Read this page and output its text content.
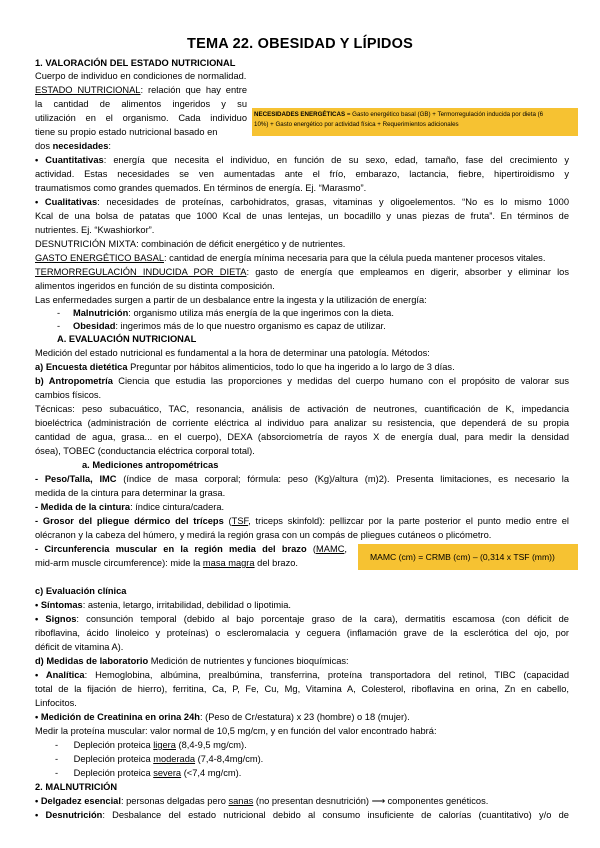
TEMA 22. OBESIDAD Y LÍPIDOS
1. VALORACIÓN DEL ESTADO NUTRICIONAL
Cuerpo de individuo en condiciones de normalidad.
ESTADO NUTRICIONAL: relación que hay entre
la cantidad de alimentos ingeridos y su
utilización en el organismo. Cada individuo
tiene su propio estado nutricional basado en
dos necesidades:
NECESIDADES ENERGÉTICAS = Gasto energético basal (GB) + Termorregulación inducida por dieta (6
10%) + Gasto energético por actividad física + Requerimientos adicionales
• Cuantitativas: energía que necesita el individuo, en función de su sexo, edad, tamaño, fase del crecimiento y
actividad. Estas necesidades se ven aumentadas ante el frío, embarazo, lactancia, fiebre, hipertiroidismo y
traumatismos como grandes quemados. En términos de energía. Ej. “Marasmo”.
• Cualitativas: necesidades de proteínas, carbohidratos, grasas, vitaminas y oligoelementos. “No es lo mismo 1000
Kcal de una bolsa de patatas que 1000 Kcal de unas lentejas, un bocadillo y unas piezas de fruta”. En términos de
nutrientes. Ej. “Kwashiorkor”.
DESNUTRICIÓN MIXTA: combinación de déficit energético y de nutrientes.
GASTO ENERGÉTICO BASAL: cantidad de energía mínima necesaria para que la célula pueda mantener procesos vitales.
TERMORREGULACIÓN INDUCIDA POR DIETA: gasto de energía que empleamos en digerir, absorber y eliminar los
alimentos ingeridos en función de su distinta composición.
Las enfermedades surgen a partir de un desbalance entre la ingesta y la utilización de energía:
-     Malnutrición: organismo utiliza más energía de la que ingerimos con la dieta.
-     Obesidad: ingerimos más de lo que nuestro organismo es capaz de utilizar.
A. EVALUACIÓN NUTRICIONAL
Medición del estado nutricional es fundamental a la hora de determinar una patología. Métodos:
a) Encuesta dietética Preguntar por hábitos alimenticios, todo lo que ha ingerido a lo largo de 3 días.
b) Antropometría Ciencia que estudia las proporciones y medidas del cuerpo humano con el propósito de valorar sus
cambios físicos.
Técnicas: peso subacuático, TAC, resonancia, análisis de activación de neutrones, cuantificación de K, impedancia
bioeléctrica (administración de corriente eléctrica al individuo para analizar su resistencia, que dependerá de su propia
cantidad de agua, grasa... en el cuerpo), DEXA (absorciometría de rayos X de energía dual, para medir la densidad
ósea), TOBEC (conductancia eléctrica corporal total).
a. Mediciones antropométricas
- Peso/Talla, IMC (índice de masa corporal; fórmula: peso (Kg)/altura (m)2). Presenta limitaciones, es necesario la
medida de la cintura para determinar la grasa.
- Medida de la cintura: índice cintura/cadera.
- Grosor del pliegue dérmico del tríceps (TSF, triceps skinfold): pellizcar por la parte posterior el punto medio entre el
olécranon y la cabeza del húmero, y medirá la región grasa con un compás de pliegues cutáneos o plicómetro.
- Circunferencia muscular en la región media del brazo (MAMC,
mid-arm muscle circumference): mide la masa magra del brazo.
MAMC (cm) = CRMB (cm) – (0,314 x TSF (mm))
c) Evaluación clínica
• Síntomas: astenia, letargo, irritabilidad, debilidad o lipotimia.
• Signos: consunción temporal (debido al bajo porcentaje graso de la cara), dermatitis escamosa (con déficit de
riboflavina, ácido linoleico y proteínas) o escleromalacia y ceguera (inflamación grave de la esclerótica del ojo, por
déficit de vitamina A).
d) Medidas de laboratorio Medición de nutrientes y funciones bioquímicas:
• Analítica: Hemoglobina, albúmina, prealbúmina, transferrina, proteína transportadora del retinol, TIBC (capacidad
total de la fijación de hierro), ferritina, Ca, P, Fe, Cu, Mg, Vitamina A, Colesterol, riboflavina en orina, Zn en cabello,
Linfocitos.
• Medición de Creatinina en orina 24h: (Peso de Cr/estatura) x 23 (hombre) o 18 (mujer).
Medir la proteína muscular: valor normal de 10,5 mg/cm, y en función del valor encontrado habrá:
-      Depleción proteica ligera (8,4-9,5 mg/cm).
-      Depleción proteica moderada (7,4-8,4mg/cm).
-      Depleción proteica severa (<7,4 mg/cm).
2. MALNUTRICIÓN
• Delgadez esencial: personas delgadas pero sanas (no presentan desnutrición) ⟶ componentes genéticos.
• Desnutrición: Desbalance del estado nutricional debido al consumo insuficiente de calorías (cuantitativo) y/o de
